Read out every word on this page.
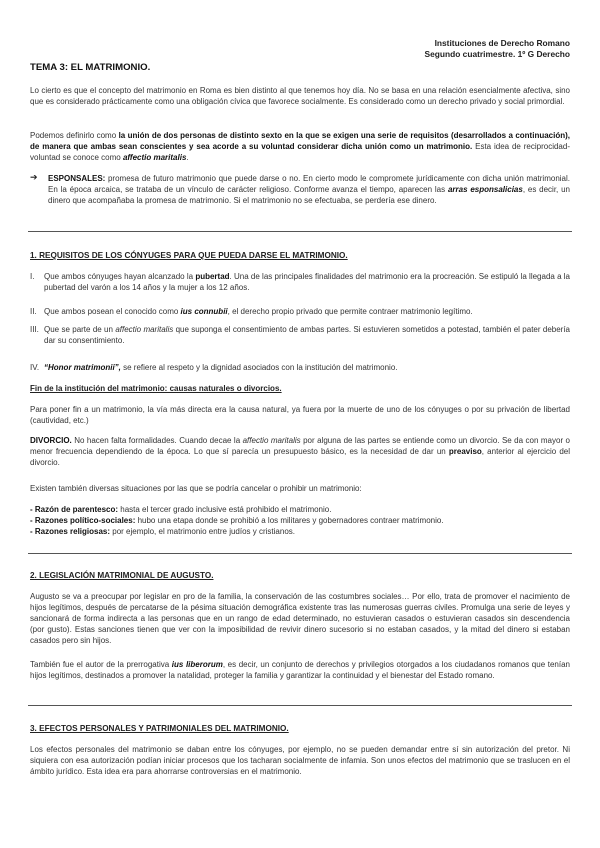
Instituciones de Derecho Romano
Segundo cuatrimestre. 1º G Derecho
TEMA 3: EL MATRIMONIO.

Lo cierto es que el concepto del matrimonio en Roma es bien distinto al que tenemos hoy día. No se basa en una relación esencialmente afectiva, sino que es considerado prácticamente como una obligación cívica que favorece socialmente. Es considerado como un derecho privado y social primordial.

Podemos definirlo como la unión de dos personas de distinto sexto en la que se exigen una serie de requisitos (desarrollados a continuación), de manera que ambas sean conscientes y sea acorde a su voluntad considerar dicha unión como un matrimonio. Esta idea de reciprocidad-voluntad se conoce como affectio maritalis.

➔ ESPONSALES: promesa de futuro matrimonio que puede darse o no. En cierto modo le compromete jurídicamente con dicha unión matrimonial. En la época arcaica, se trataba de un vínculo de carácter religioso. Conforme avanza el tiempo, aparecen las arras esponsalicias, es decir, un dinero que acompañaba la promesa de matrimonio. Si el matrimonio no se efectuaba, se perdería ese dinero.

1. REQUISITOS DE LOS CÓNYUGES PARA QUE PUEDA DARSE EL MATRIMONIO.
I. Que ambos cónyuges hayan alcanzado la pubertad. Una de las principales finalidades del matrimonio era la procreación. Se estipuló la llegada a la pubertad del varón a los 14 años y la mujer a los 12 años.

II. Que ambos posean el conocido como ius connubii, el derecho propio privado que permite contraer matrimonio legítimo.

III. Que se parte de un affectio maritalis que suponga el consentimiento de ambas partes. Si estuvieren sometidos a potestad, también el pater debería dar su consentimiento.

IV. “Honor matrimonii”, se refiere al respeto y la dignidad asociados con la institución del matrimonio.

Fin de la institución del matrimonio: causas naturales o divorcios.

Para poner fin a un matrimonio, la vía más directa era la causa natural, ya fuera por la muerte de uno de los cónyuges o por su privación de libertad (cautividad, etc.)

DIVORCIO. No hacen falta formalidades. Cuando decae la affectio maritalis por alguna de las partes se entiende como un divorcio. Se da con mayor o menor frecuencia dependiendo de la época. Lo que sí parecía un presupuesto básico, es la necesidad de dar un preaviso, anterior al ejercicio del divorcio.

Existen también diversas situaciones por las que se podría cancelar o prohibir un matrimonio:

- Razón de parentesco: hasta el tercer grado inclusive está prohibido el matrimonio.

- Razones político-sociales: hubo una etapa donde se prohibió a los militares y gobernadores contraer matrimonio.

- Razones religiosas: por ejemplo, el matrimonio entre judíos y cristianos.

2. LEGISLACIÓN MATRIMONIAL DE AUGUSTO.

Augusto se va a preocupar por legislar en pro de la familia, la conservación de las costumbres sociales… Por ello, trata de promover el nacimiento de hijos legítimos, después de percatarse de la pésima situación demográfica existente tras las numerosas guerras civiles. Promulga una serie de leyes y sancionará de forma indirecta a las personas que en un rango de edad determinado, no estuvieran casados o estuvieran casados sin descendencia (por gusto). Estas sanciones tienen que ver con la imposibilidad de revivir dinero sucesorio si no estaban casados, y la mitad del dinero si estaban casados pero sin hijos.

También fue el autor de la prerrogativa ius liberorum, es decir, un conjunto de derechos y privilegios otorgados a los ciudadanos romanos que tenían hijos legítimos, destinados a promover la natalidad, proteger la familia y garantizar la continuidad y el bienestar del Estado romano.

3. EFECTOS PERSONALES Y PATRIMONIALES DEL MATRIMONIO.

Los efectos personales del matrimonio se daban entre los cónyuges, por ejemplo, no se pueden demandar entre sí sin autorización del pretor. Ni siquiera con esa autorización podían iniciar procesos que los tacharan socialmente de infamia. Son unos efectos del matrimonio que se traslucen en el ámbito jurídico. Esta idea era para ahorrarse controversias en el matrimonio.
